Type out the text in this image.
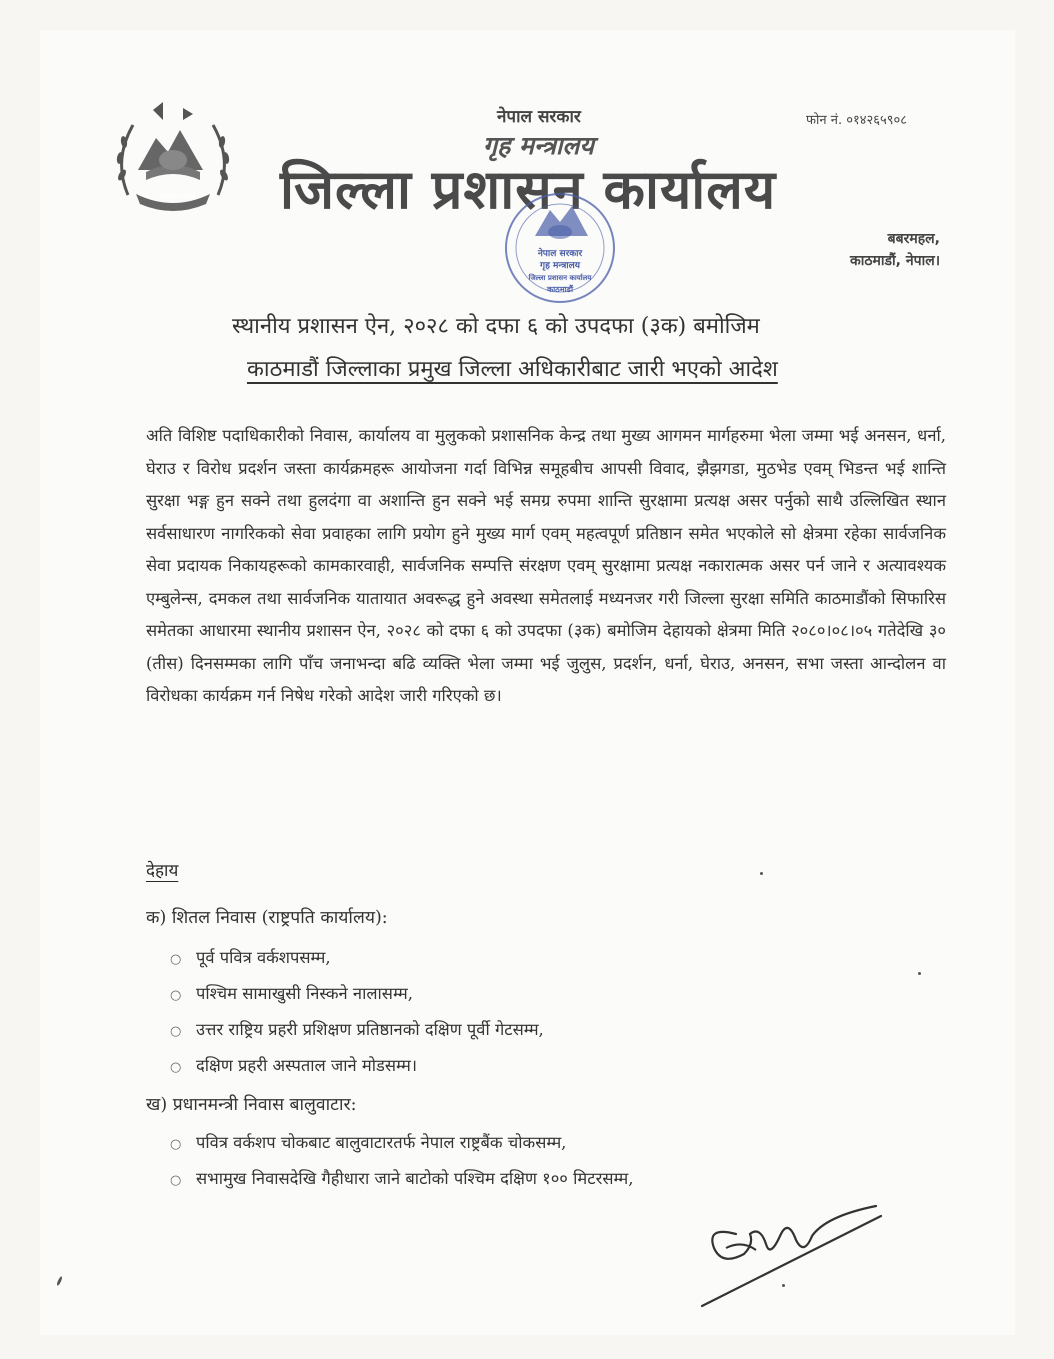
नेपाल सरकार
नेपाल सरकार
गृह मन्त्रालय
जिल्ला प्रशासन कार्यालय
फोन नं. ०१४२६५९०८
बबरमहल,
काठमाडौं, नेपाल।
नेपाल सरकार
गृह मन्त्रालय
जिल्ला प्रशासन कार्यालय
काठमाडौं
स्थानीय प्रशासन ऐन, २०२८ को दफा ६ को उपदफा (३क) बमोजिम
काठमाडौं जिल्लाका प्रमुख जिल्ला अधिकारीबाट जारी भएको आदेश
अति विशिष्ट पदाधिकारीको निवास, कार्यालय वा मुलुकको प्रशासनिक केन्द्र तथा मुख्य आगमन मार्गहरुमा भेला जम्मा भई अनसन, धर्ना, घेराउ र विरोध प्रदर्शन जस्ता कार्यक्रमहरू आयोजना गर्दा विभिन्न समूहबीच आपसी विवाद, झैझगडा, मुठभेड एवम् भिडन्त भई शान्ति सुरक्षा भङ्ग हुन सक्ने तथा हुलदंगा वा अशान्ति हुन सक्ने भई समग्र रुपमा शान्ति सुरक्षामा प्रत्यक्ष असर पर्नुको साथै उल्लिखित स्थान सर्वसाधारण नागरिकको सेवा प्रवाहका लागि प्रयोग हुने मुख्य मार्ग एवम् महत्वपूर्ण प्रतिष्ठान समेत भएकोले सो क्षेत्रमा रहेका सार्वजनिक सेवा प्रदायक निकायहरूको कामकारवाही, सार्वजनिक सम्पत्ति संरक्षण एवम् सुरक्षामा प्रत्यक्ष नकारात्मक असर पर्न जाने र अत्यावश्यक एम्बुलेन्स, दमकल तथा सार्वजनिक यातायात अवरूद्ध हुने अवस्था समेतलाई मध्यनजर गरी जिल्ला सुरक्षा समिति काठमाडौंको सिफारिस समेतका आधारमा स्थानीय प्रशासन ऐन, २०२८ को दफा ६ को उपदफा (३क) बमोजिम देहायको क्षेत्रमा मिति २०८०।०८।०५ गतेदेखि ३० (तीस) दिनसम्मका लागि पाँच जनाभन्दा बढि व्यक्ति भेला जम्मा भई जुलुस, प्रदर्शन, धर्ना, घेराउ, अनसन, सभा जस्ता आन्दोलन वा विरोधका कार्यक्रम गर्न निषेध गरेको आदेश जारी गरिएको छ।
देहाय
क) शितल निवास (राष्ट्रपति कार्यालय):
○ पूर्व पवित्र वर्कशपसम्म,
○ पश्चिम सामाखुसी निस्कने नालासम्म,
○ उत्तर राष्ट्रिय प्रहरी प्रशिक्षण प्रतिष्ठानको दक्षिण पूर्वी गेटसम्म,
○ दक्षिण प्रहरी अस्पताल जाने मोडसम्म।
ख) प्रधानमन्त्री निवास बालुवाटार:
○ पवित्र वर्कशप चोकबाट बालुवाटारतर्फ नेपाल राष्ट्रबैंक चोकसम्म,
○ सभामुख निवासदेखि गैहीधारा जाने बाटोको पश्चिम दक्षिण १०० मिटरसम्म,
